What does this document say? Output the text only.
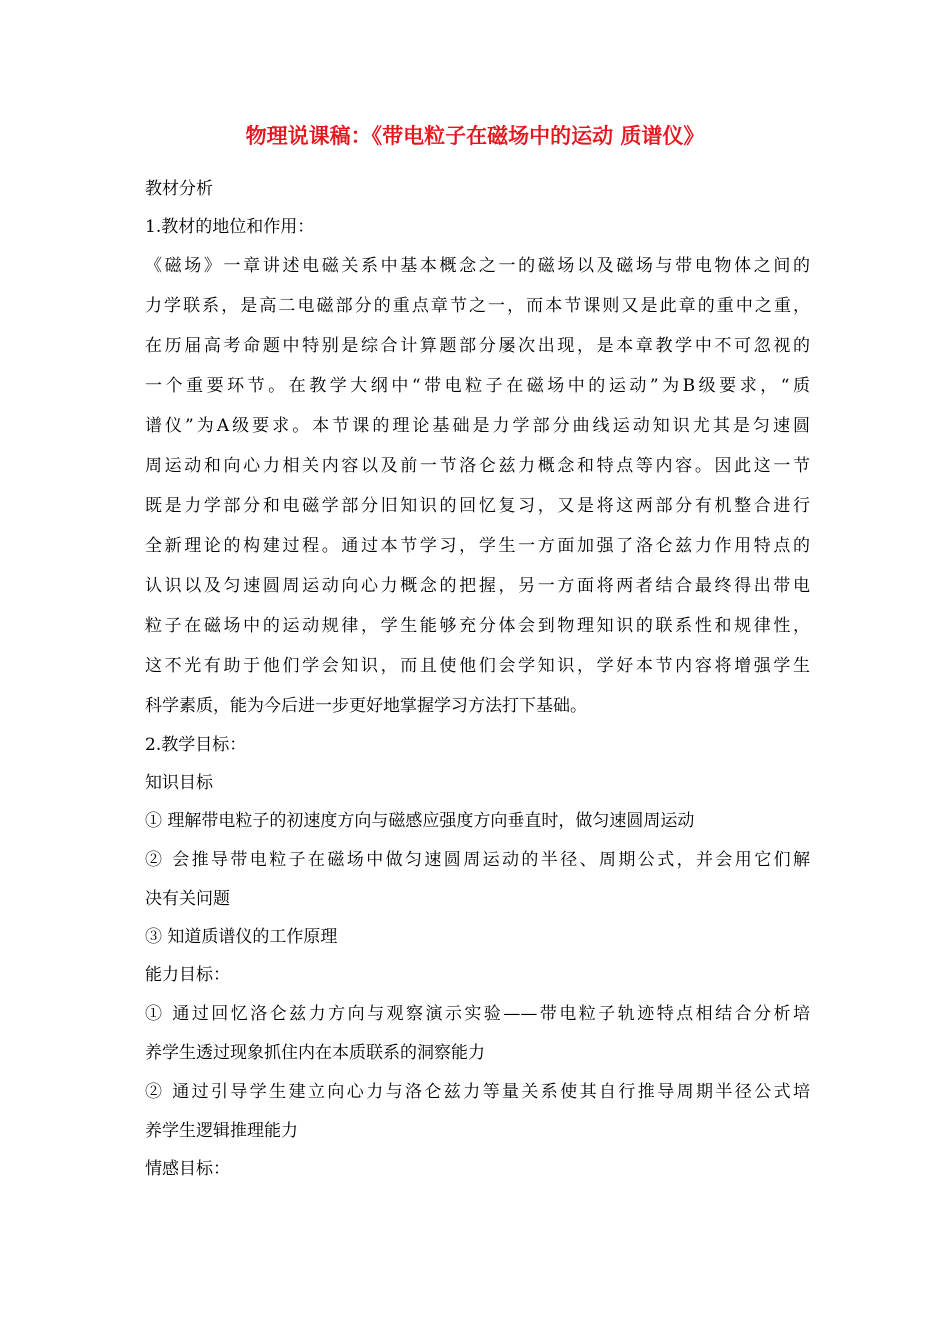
物理说课稿：《带电粒子在磁场中的运动 质谱仪》
教材分析
1.教材的地位和作用：
《磁场》一章讲述电磁关系中基本概念之一的磁场以及磁场与带电物体之间的
力学联系，是高二电磁部分的重点章节之一，而本节课则又是此章的重中之重，
在历届高考命题中特别是综合计算题部分屡次出现，是本章教学中不可忽视的
一个重要环节。在教学大纲中“带电粒子在磁场中的运动”为B级要求，“质
谱仪”为A级要求。本节课的理论基础是力学部分曲线运动知识尤其是匀速圆
周运动和向心力相关内容以及前一节洛仑兹力概念和特点等内容。因此这一节
既是力学部分和电磁学部分旧知识的回忆复习，又是将这两部分有机整合进行
全新理论的构建过程。通过本节学习，学生一方面加强了洛仑兹力作用特点的
认识以及匀速圆周运动向心力概念的把握，另一方面将两者结合最终得出带电
粒子在磁场中的运动规律，学生能够充分体会到物理知识的联系性和规律性，
这不光有助于他们学会知识，而且使他们会学知识，学好本节内容将增强学生
科学素质，能为今后进一步更好地掌握学习方法打下基础。
2.教学目标：
知识目标
① 理解带电粒子的初速度方向与磁感应强度方向垂直时，做匀速圆周运动
② 会推导带电粒子在磁场中做匀速圆周运动的半径、周期公式，并会用它们解
决有关问题
③ 知道质谱仪的工作原理
能力目标：
① 通过回忆洛仑兹力方向与观察演示实验——带电粒子轨迹特点相结合分析培
养学生透过现象抓住内在本质联系的洞察能力
② 通过引导学生建立向心力与洛仑兹力等量关系使其自行推导周期半径公式培
养学生逻辑推理能力
情感目标：
